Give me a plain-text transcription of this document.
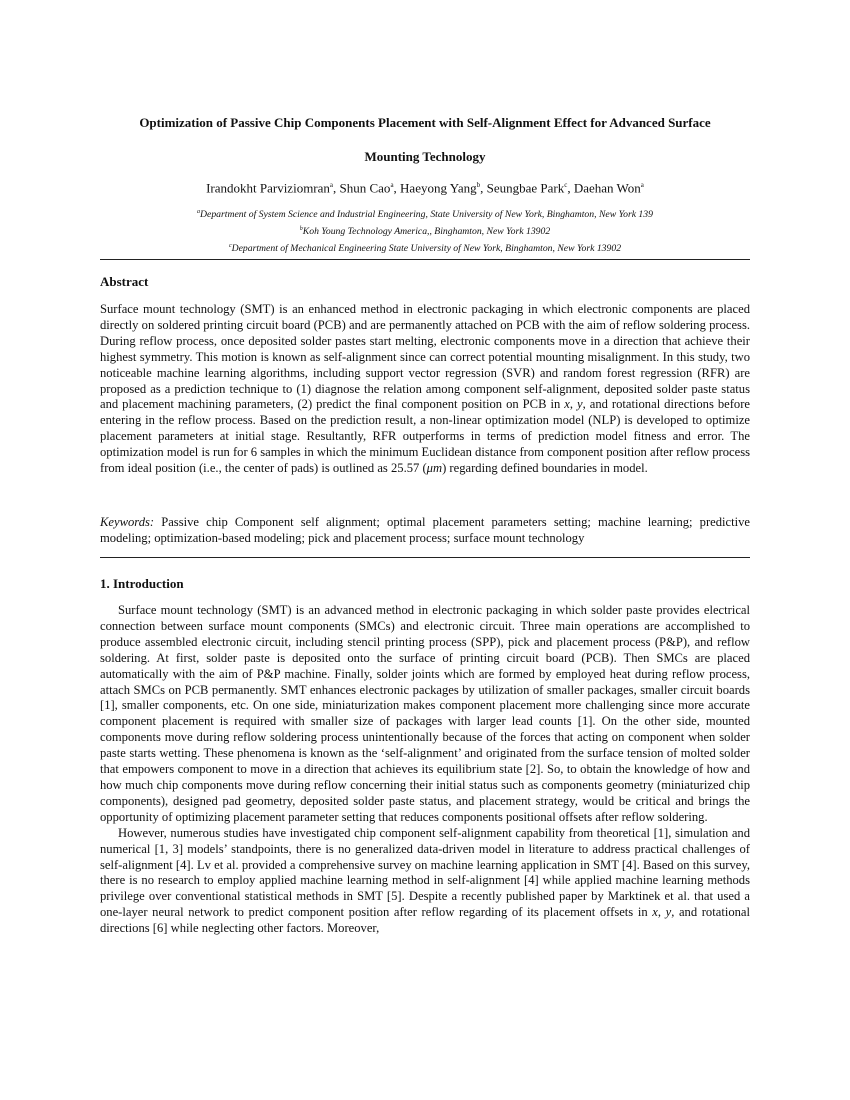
Optimization of Passive Chip Components Placement with Self-Alignment Effect for Advanced Surface
Mounting Technology
Irandokht Parviziomran$^a$, Shun Cao$^a$, Haeyong Yang$^b$, Seungbae Park$^c$, Daehan Won$^a$
$^a$Department of System Science and Industrial Engineering, State University of New York, Binghamton, New York 139
$^b$Koh Young Technology America,, Binghamton, New York 13902
$^c$Department of Mechanical Engineering State University of New York, Binghamton, New York 13902
Abstract
Surface mount technology (SMT) is an enhanced method in electronic packaging in which electronic components are placed directly on soldered printing circuit board (PCB) and are permanently attached on PCB with the aim of reflow soldering process. During reflow process, once deposited solder pastes start melting, electronic components move in a direction that achieve their highest symmetry. This motion is known as self-alignment since can correct potential mounting misalignment. In this study, two noticeable machine learning algorithms, including support vector regression (SVR) and random forest regression (RFR) are proposed as a prediction technique to (1) diagnose the relation among component self-alignment, deposited solder paste status and placement machining parameters, (2) predict the final component position on PCB in x, y, and rotational directions before entering in the reflow process. Based on the prediction result, a non-linear optimization model (NLP) is developed to optimize placement parameters at initial stage. Resultantly, RFR outperforms in terms of prediction model fitness and error. The optimization model is run for 6 samples in which the minimum Euclidean distance from component position after reflow process from ideal position (i.e., the center of pads) is outlined as 25.57 (μm) regarding defined boundaries in model.
Keywords: Passive chip Component self alignment; optimal placement parameters setting; machine learning; predictive modeling; optimization-based modeling; pick and placement process; surface mount technology
1. Introduction

Surface mount technology (SMT) is an advanced method in electronic packaging in which solder paste provides electrical connection between surface mount components (SMCs) and electronic circuit. Three main operations are accomplished to produce assembled electronic circuit, including stencil printing process (SPP), pick and placement process (P&P), and reflow soldering. At first, solder paste is deposited onto the surface of printing circuit board (PCB). Then SMCs are placed automatically with the aim of P&P machine. Finally, solder joints which are formed by employed heat during reflow process, attach SMCs on PCB permanently. SMT enhances electronic packages by utilization of smaller packages, smaller circuit boards [1], smaller components, etc. On one side, miniaturization makes component placement more challenging since more accurate component placement is required with smaller size of packages with larger lead counts [1]. On the other side, mounted components move during reflow soldering process unintentionally because of the forces that acting on component when solder paste starts wetting. These phenomena is known as the ‘self-alignment’ and originated from the surface tension of molted solder that empowers component to move in a direction that achieves its equilibrium state [2]. So, to obtain the knowledge of how and how much chip components move during reflow concerning their initial status such as components geometry (miniaturized chip components), designed pad geometry, deposited solder paste status, and placement strategy, would be critical and brings the opportunity of optimizing placement parameter setting that reduces components positional offsets after reflow soldering.

However, numerous studies have investigated chip component self-alignment capability from theoretical [1], simulation and numerical [1, 3] models’ standpoints, there is no generalized data-driven model in literature to address practical challenges of self-alignment [4]. Lv et al. provided a comprehensive survey on machine learning application in SMT [4]. Based on this survey, there is no research to employ applied machine learning method in self-alignment [4] while applied machine learning methods privilege over conventional statistical methods in SMT [5]. Despite a recently published paper by Marktinek et al. that used a one-layer neural network to predict component position after reflow regarding of its placement offsets in x, y, and rotational directions [6] while neglecting other factors. Moreover,
